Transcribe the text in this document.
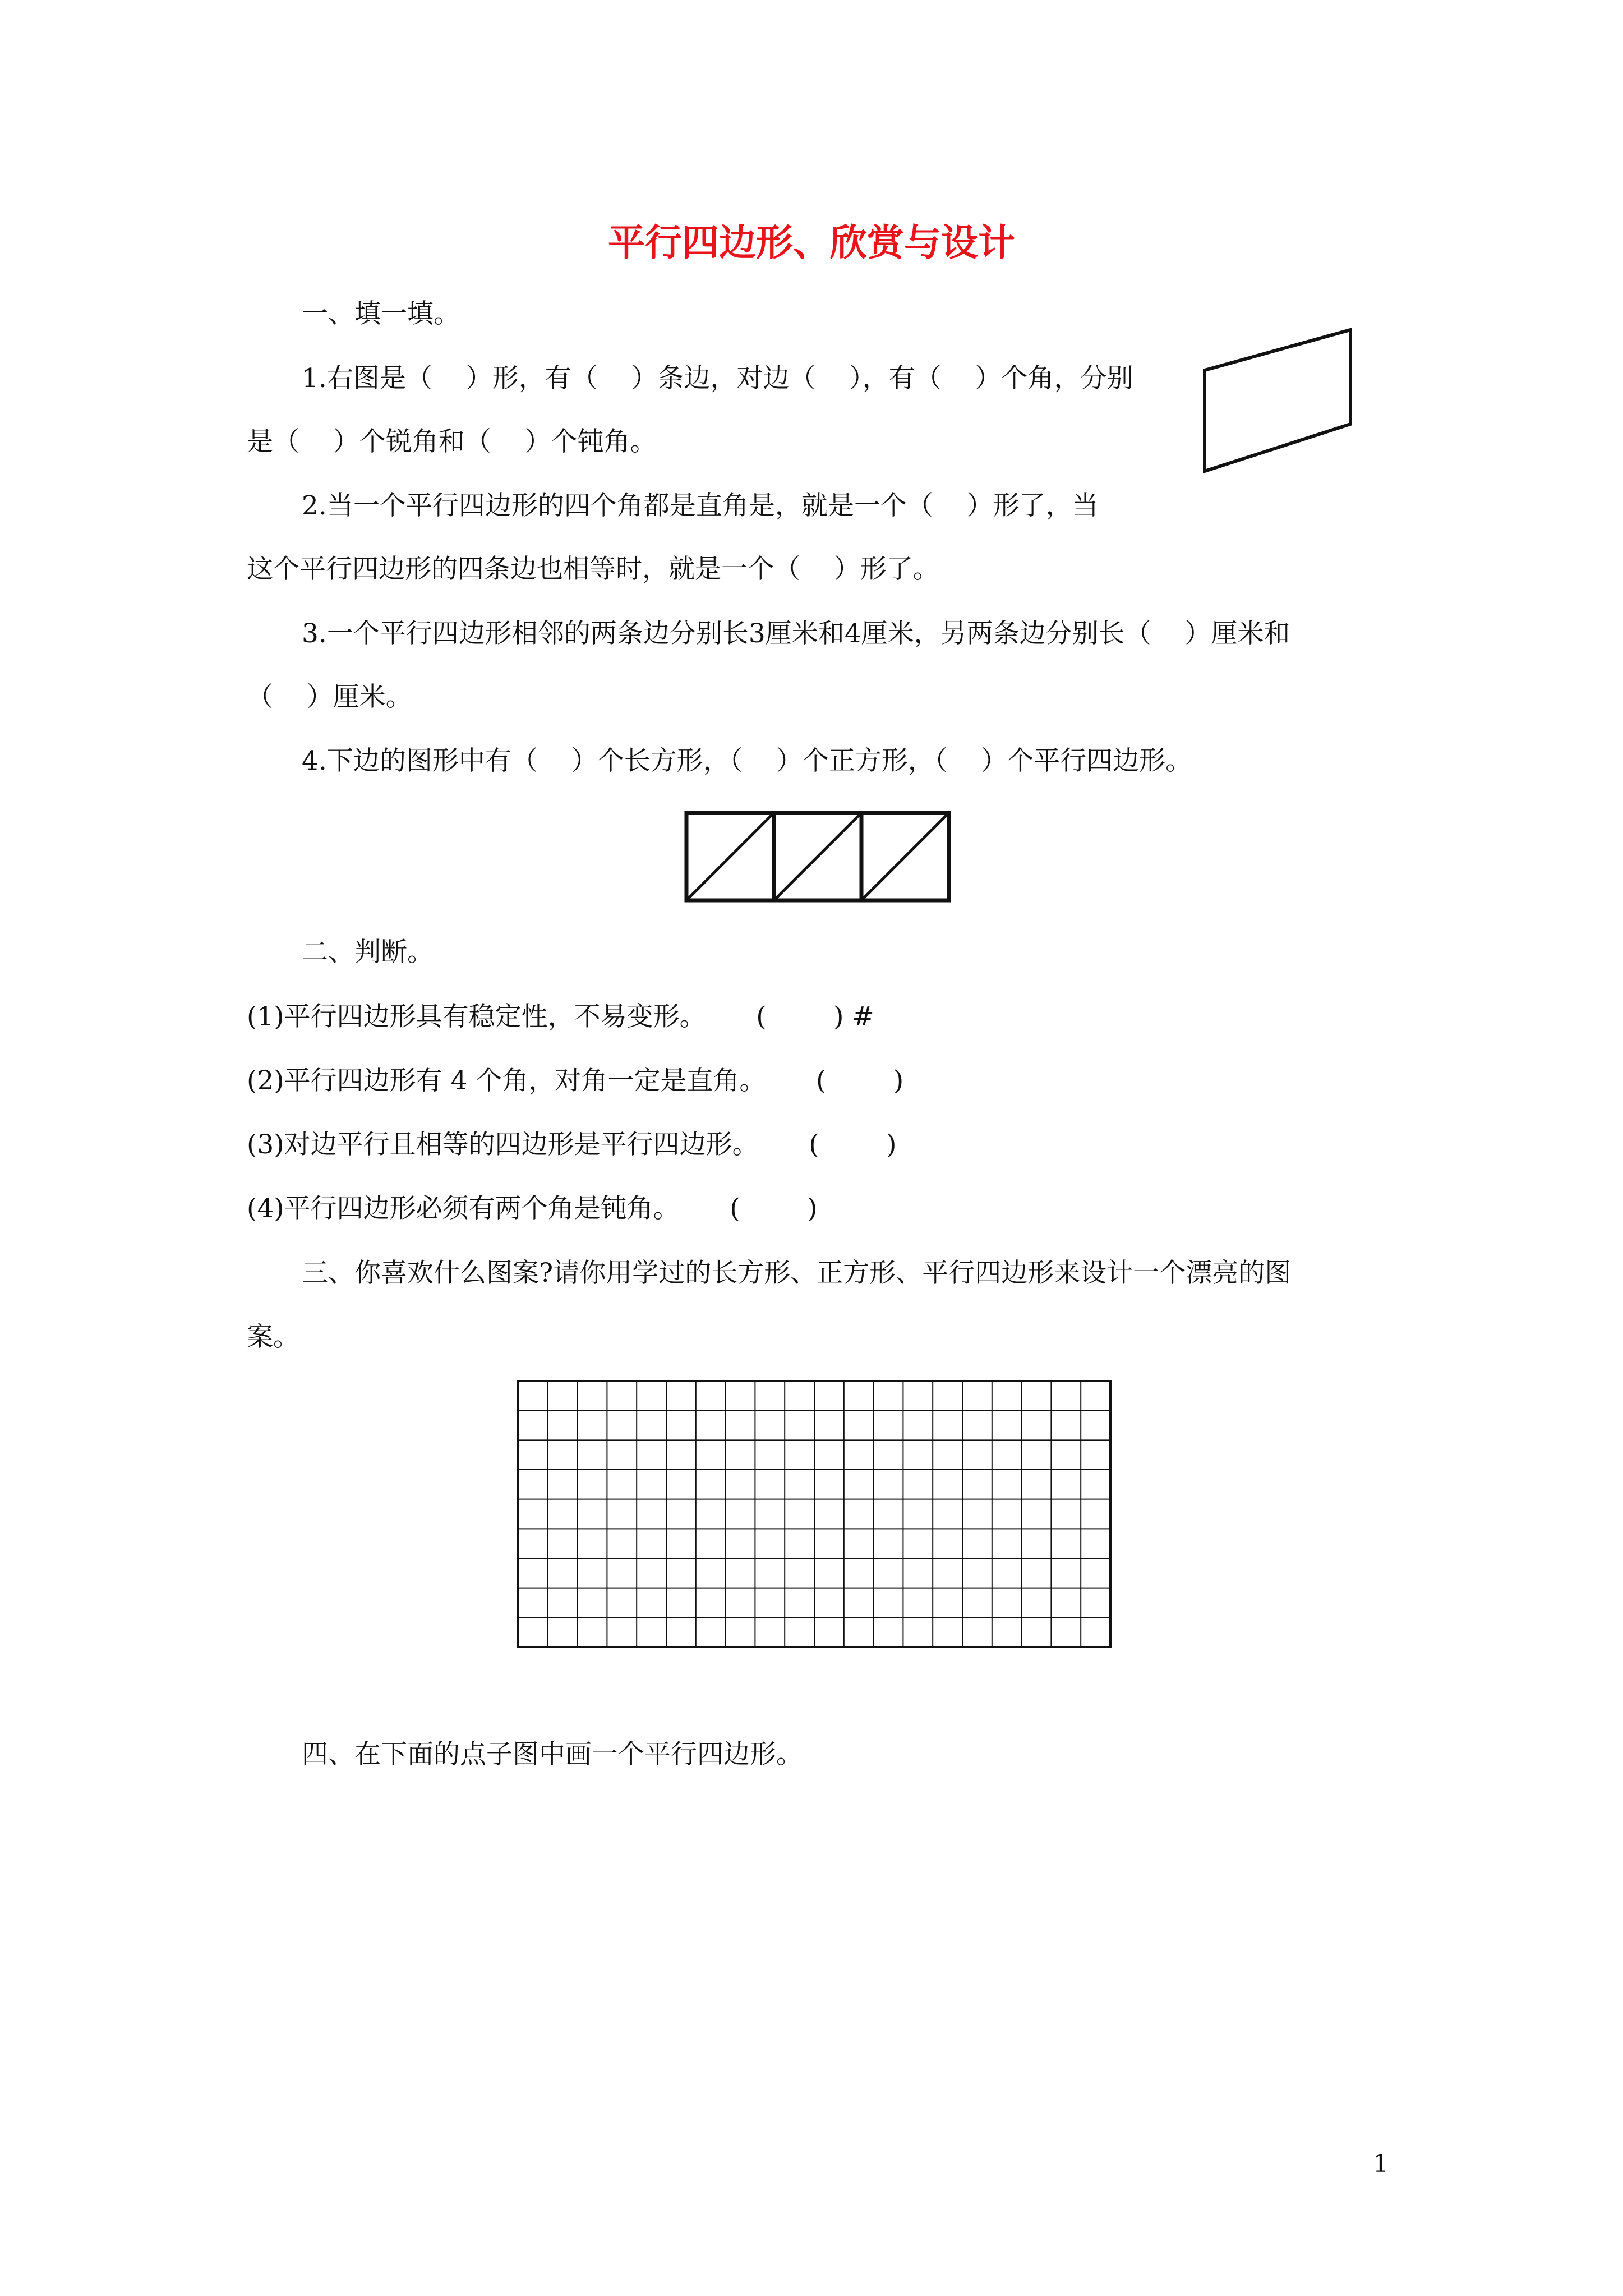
平行四边形、欣赏与设计

一、填一填。

1.右图是（    ）形，有（    ）条边，对边（    ），有（    ）个角，分别

是（    ）个锐角和（    ）个钝角。

2.当一个平行四边形的四个角都是直角是，就是一个（    ）形了，当

这个平行四边形的四条边也相等时，就是一个（    ）形了。

3.一个平行四边形相邻的两条边分别长3厘米和4厘米，另两条边分别长（    ）厘米和

（    ）厘米。

4.下边的图形中有（    ）个长方形，（    ）个正方形，（    ）个平行四边形。

二、判断。

(1)平行四边形具有稳定性，不易变形。      (        ) #

(2)平行四边形有 4 个角，对角一定是直角。      (        )

(3)对边平行且相等的四边形是平行四边形。      (        )

(4)平行四边形必须有两个角是钝角。      (        )

三、你喜欢什么图案?请你用学过的长方形、正方形、平行四边形来设计一个漂亮的图

案。

四、在下面的点子图中画一个平行四边形。

1
